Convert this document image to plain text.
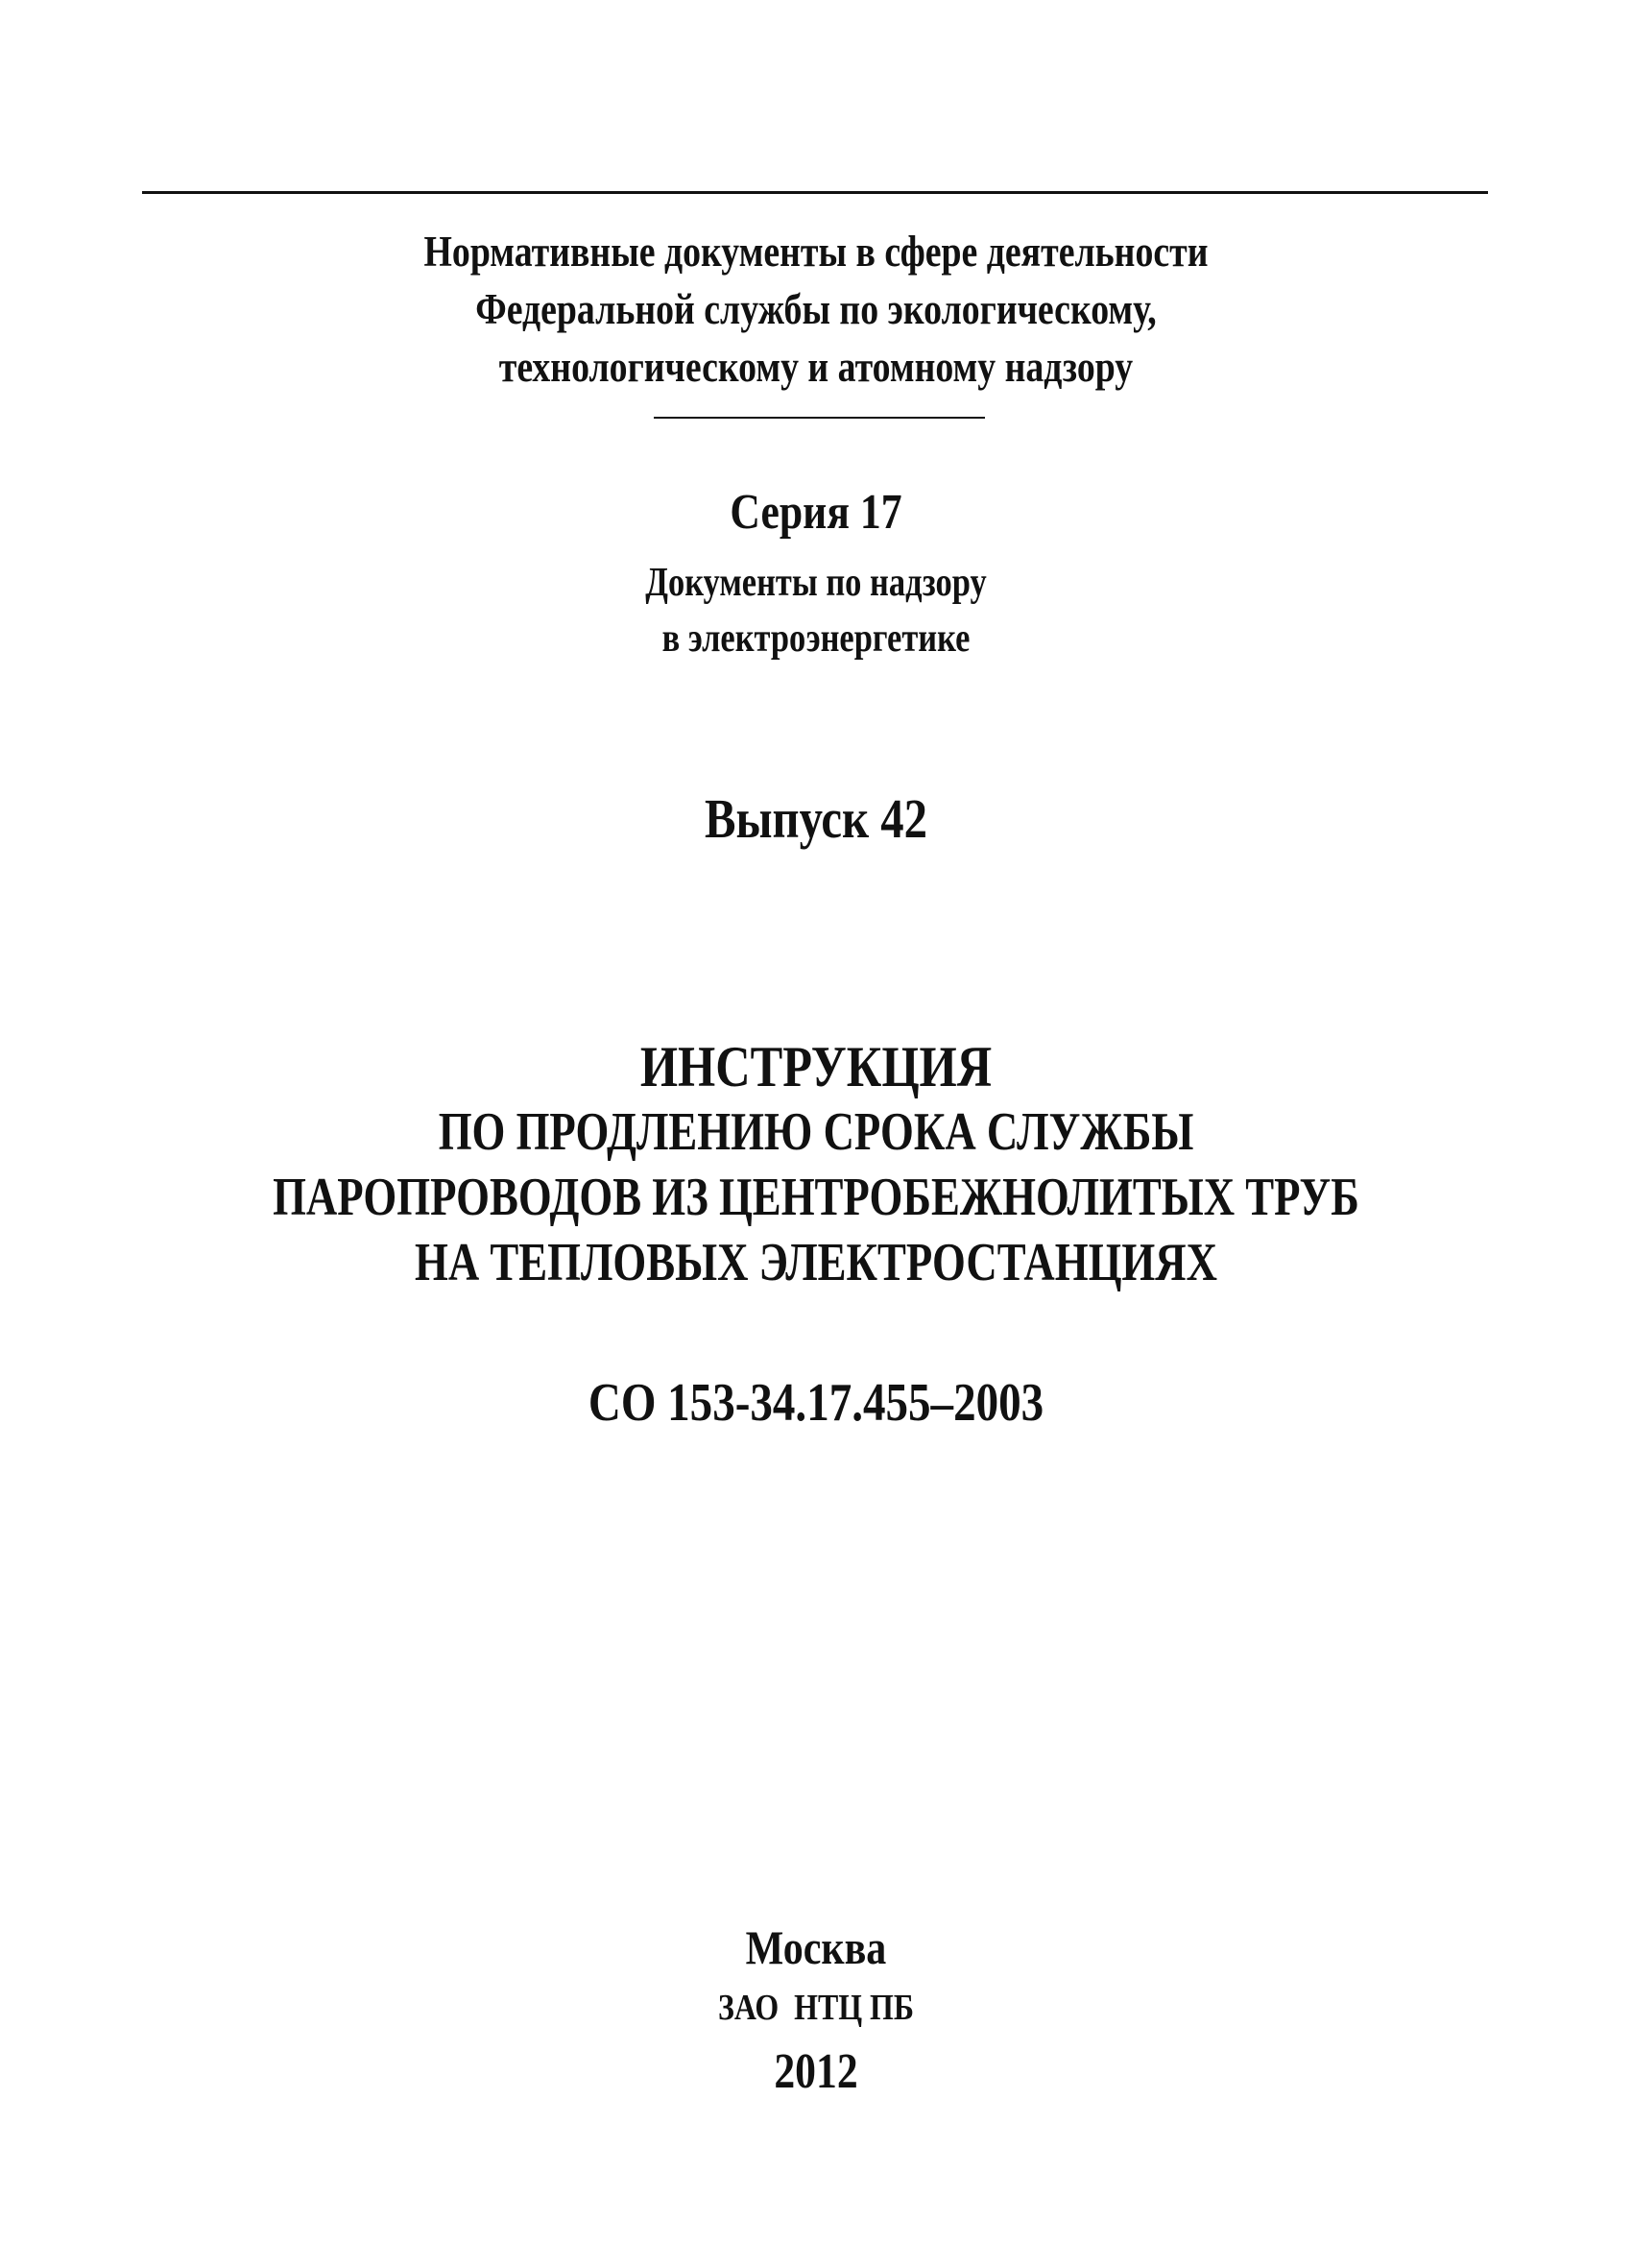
Нормативные документы в сфере деятельности
Федеральной службы по экологическому,
технологическому и атомному надзору
Серия 17
Документы по надзору
в электроэнергетике
Выпуск 42
ИНСТРУКЦИЯ
ПО ПРОДЛЕНИЮ СРОКА СЛУЖБЫ
ПАРОПРОВОДОВ ИЗ ЦЕНТРОБЕЖНОЛИТЫХ ТРУБ
НА ТЕПЛОВЫХ ЭЛЕКТРОСТАНЦИЯХ
СО 153-34.17.455–2003
Москва
ЗАО  НТЦ ПБ
2012
